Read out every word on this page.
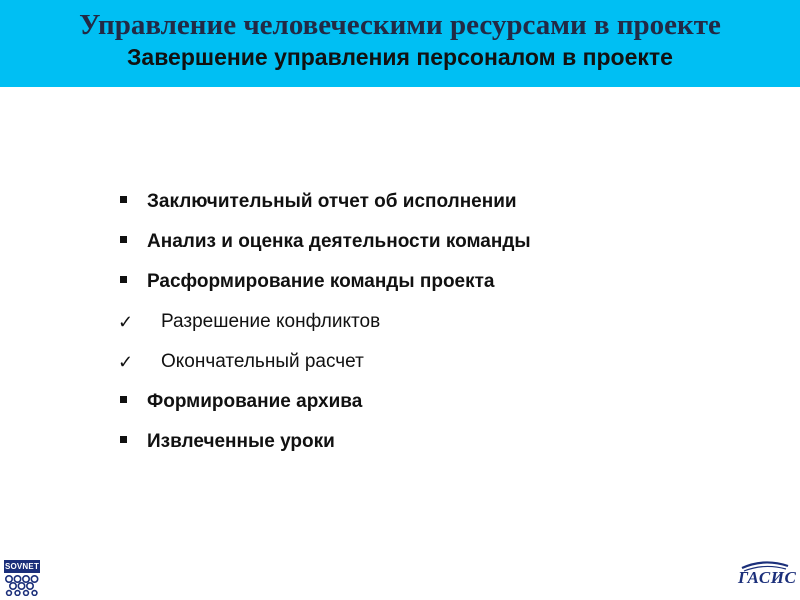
Управление человеческими ресурсами в проекте
Завершение управления персоналом в проекте
Заключительный отчет об исполнении
Анализ и оценка деятельности команды
Расформирование команды проекта
✓ Разрешение конфликтов
✓ Окончательный расчет
Формирование архива
Извлеченные уроки
SOVNET
ГАСИС
